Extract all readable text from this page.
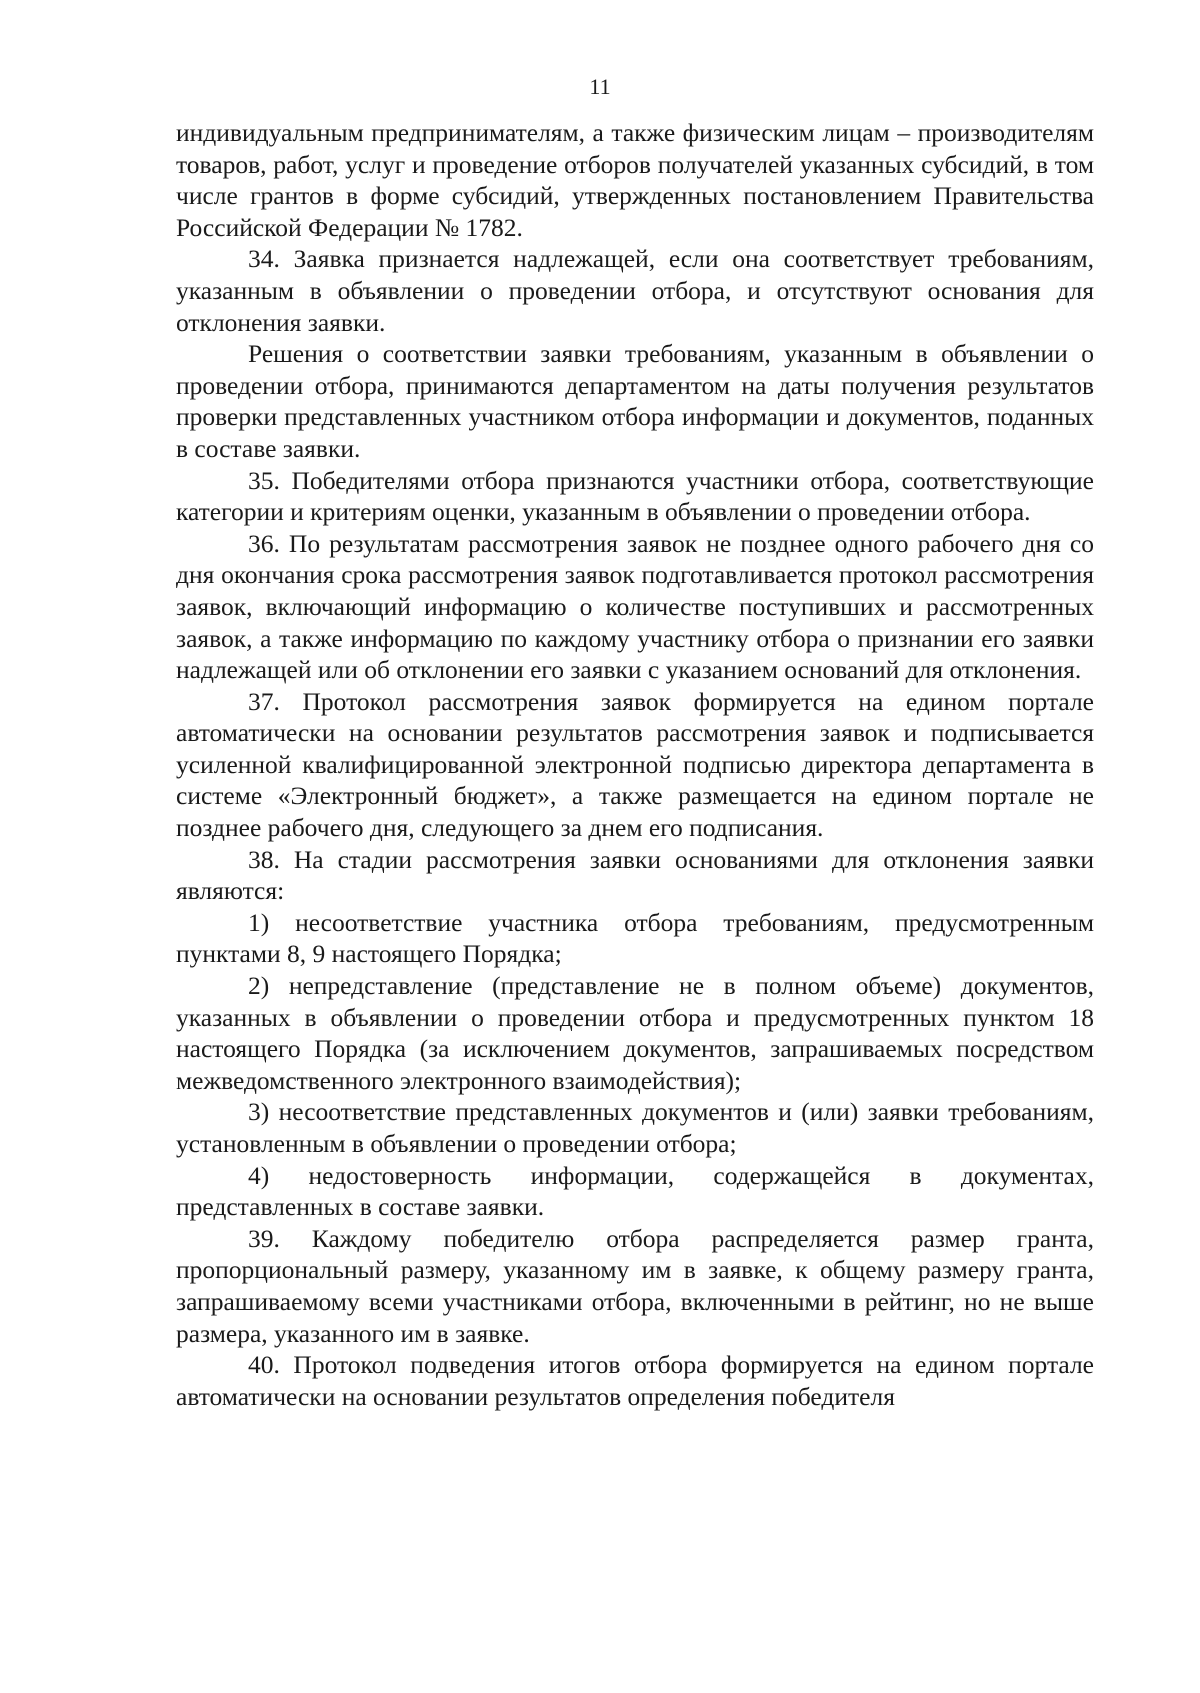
11

индивидуальным предпринимателям, а также физическим лицам – производителям товаров, работ, услуг и проведение отборов получателей указанных субсидий, в том числе грантов в форме субсидий, утвержденных постановлением Правительства Российской Федерации № 1782.

34. Заявка признается надлежащей, если она соответствует требованиям, указанным в объявлении о проведении отбора, и отсутствуют основания для отклонения заявки.

Решения о соответствии заявки требованиям, указанным в объявлении о проведении отбора, принимаются департаментом на даты получения результатов проверки представленных участником отбора информации и документов, поданных в составе заявки.

35. Победителями отбора признаются участники отбора, соответствующие категории и критериям оценки, указанным в объявлении о проведении отбора.

36. По результатам рассмотрения заявок не позднее одного рабочего дня со дня окончания срока рассмотрения заявок подготавливается протокол рассмотрения заявок, включающий информацию о количестве поступивших и рассмотренных заявок, а также информацию по каждому участнику отбора о признании его заявки надлежащей или об отклонении его заявки с указанием оснований для отклонения.

37. Протокол рассмотрения заявок формируется на едином портале автоматически на основании результатов рассмотрения заявок и подписывается усиленной квалифицированной электронной подписью директора департамента в системе «Электронный бюджет», а также размещается на едином портале не позднее рабочего дня, следующего за днем его подписания.

38. На стадии рассмотрения заявки основаниями для отклонения заявки являются:

1) несоответствие участника отбора требованиям, предусмотренным пунктами 8, 9 настоящего Порядка;

2) непредставление (представление не в полном объеме) документов, указанных в объявлении о проведении отбора и предусмотренных пунктом 18 настоящего Порядка (за исключением документов, запрашиваемых посредством межведомственного электронного взаимодействия);

3) несоответствие представленных документов и (или) заявки требованиям, установленным в объявлении о проведении отбора;

4) недостоверность информации, содержащейся в документах, представленных в составе заявки.

39. Каждому победителю отбора распределяется размер гранта, пропорциональный размеру, указанному им в заявке, к общему размеру гранта, запрашиваемому всеми участниками отбора, включенными в рейтинг, но не выше размера, указанного им в заявке.

40. Протокол подведения итогов отбора формируется на едином портале автоматически на основании результатов определения победителя
